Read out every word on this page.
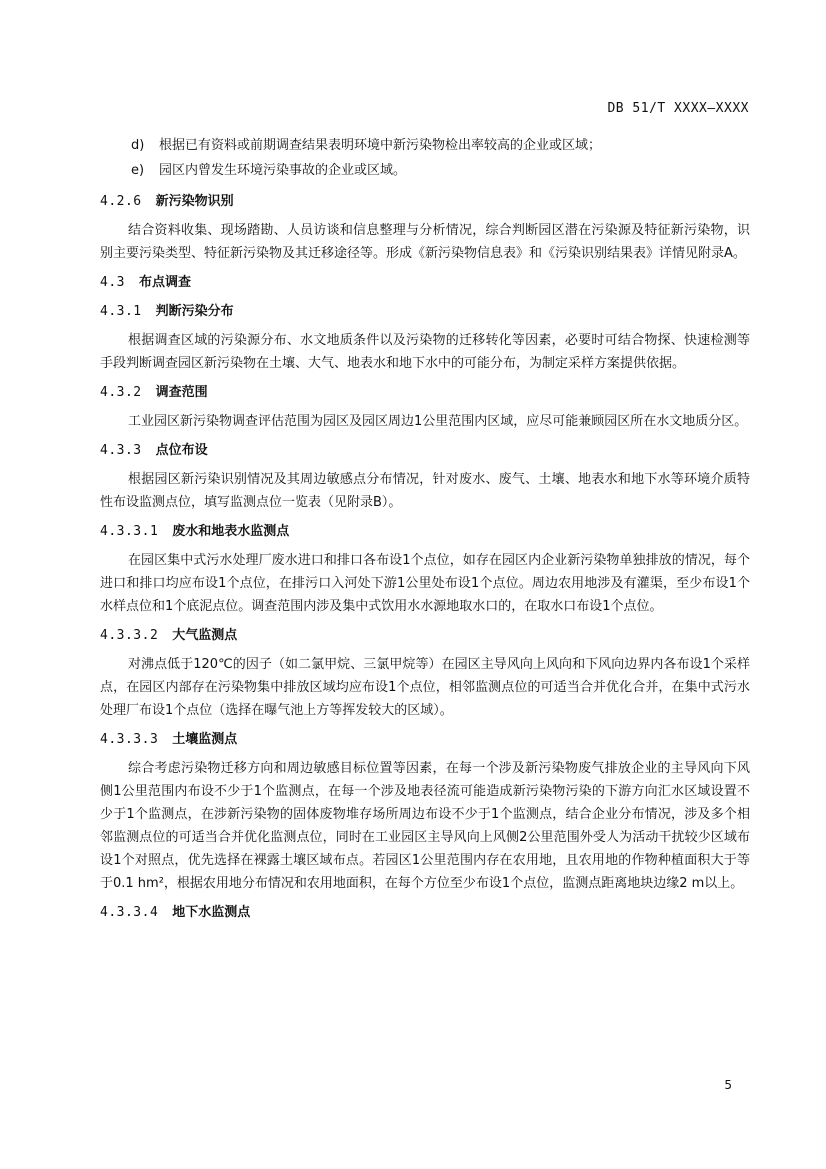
DB 51/T XXXX—XXXX
d)	根据已有资料或前期调查结果表明环境中新污染物检出率较高的企业或区域；
e)	园区内曾发生环境污染事故的企业或区域。
4.2.6 新污染物识别

结合资料收集、现场踏勘、人员访谈和信息整理与分析情况，综合判断园区潜在污染源及特征新污染物，识别主要污染类型、特征新污染物及其迁移途径等。形成《新污染物信息表》和《污染识别结果表》详情见附录A。

4.3 布点调查
4.3.1 判断污染分布

根据调查区域的污染源分布、水文地质条件以及污染物的迁移转化等因素，必要时可结合物探、快速检测等手段判断调查园区新污染物在土壤、大气、地表水和地下水中的可能分布，为制定采样方案提供依据。

4.3.2 调查范围

工业园区新污染物调查评估范围为园区及园区周边1公里范围内区域，应尽可能兼顾园区所在水文地质分区。

4.3.3 点位布设

根据园区新污染识别情况及其周边敏感点分布情况，针对废水、废气、土壤、地表水和地下水等环境介质特性布设监测点位，填写监测点位一览表（见附录B）。

4.3.3.1 废水和地表水监测点

在园区集中式污水处理厂废水进口和排口各布设1个点位，如存在园区内企业新污染物单独排放的情况，每个进口和排口均应布设1个点位，在排污口入河处下游1公里处布设1个点位。周边农用地涉及有灌渠，至少布设1个水样点位和1个底泥点位。调查范围内涉及集中式饮用水水源地取水口的，在取水口布设1个点位。

4.3.3.2 大气监测点

对沸点低于120℃的因子（如二氯甲烷、三氯甲烷等）在园区主导风向上风向和下风向边界内各布设1个采样点，在园区内部存在污染物集中排放区域均应布设1个点位，相邻监测点位的可适当合并优化合并，在集中式污水处理厂布设1个点位（选择在曝气池上方等挥发较大的区域）。

4.3.3.3 土壤监测点

综合考虑污染物迁移方向和周边敏感目标位置等因素，在每一个涉及新污染物废气排放企业的主导风向下风侧1公里范围内布设不少于1个监测点，在每一个涉及地表径流可能造成新污染物污染的下游方向汇水区域设置不少于1个监测点，在涉新污染物的固体废物堆存场所周边布设不少于1个监测点，结合企业分布情况，涉及多个相邻监测点位的可适当合并优化监测点位，同时在工业园区主导风向上风侧2公里范围外受人为活动干扰较少区域布设1个对照点，优先选择在裸露土壤区域布点。若园区1公里范围内存在农用地，且农用地的作物种植面积大于等于0.1 hm²，根据农用地分布情况和农用地面积，在每个方位至少布设1个点位，监测点距离地块边缘2 m以上。

4.3.3.4 地下水监测点
5
